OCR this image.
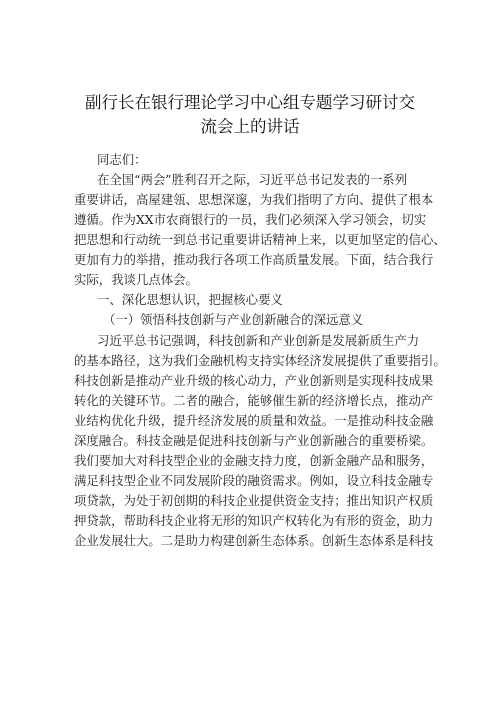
副行长在银行理论学习中心组专题学习研讨交
流会上的讲话

同志们：

在全国“两会”胜利召开之际，习近平总书记发表的一系列

重要讲话，高屋建瓴、思想深邃，为我们指明了方向、提供了根本

遵循。作为XX市农商银行的一员，我们必须深入学习领会，切实

把思想和行动统一到总书记重要讲话精神上来，以更加坚定的信心、

更加有力的举措，推动我行各项工作高质量发展。下面，结合我行

实际，我谈几点体会。

一、深化思想认识，把握核心要义

（一）领悟科技创新与产业创新融合的深远意义

习近平总书记强调，科技创新和产业创新是发展新质生产力

的基本路径，这为我们金融机构支持实体经济发展提供了重要指引。

科技创新是推动产业升级的核心动力，产业创新则是实现科技成果

转化的关键环节。二者的融合，能够催生新的经济增长点，推动产

业结构优化升级，提升经济发展的质量和效益。一是推动科技金融

深度融合。科技金融是促进科技创新与产业创新融合的重要桥梁。

我们要加大对科技型企业的金融支持力度，创新金融产品和服务，

满足科技型企业不同发展阶段的融资需求。例如，设立科技金融专

项贷款，为处于初创期的科技企业提供资金支持；推出知识产权质

押贷款，帮助科技企业将无形的知识产权转化为有形的资金，助力

企业发展壮大。二是助力构建创新生态体系。创新生态体系是科技
